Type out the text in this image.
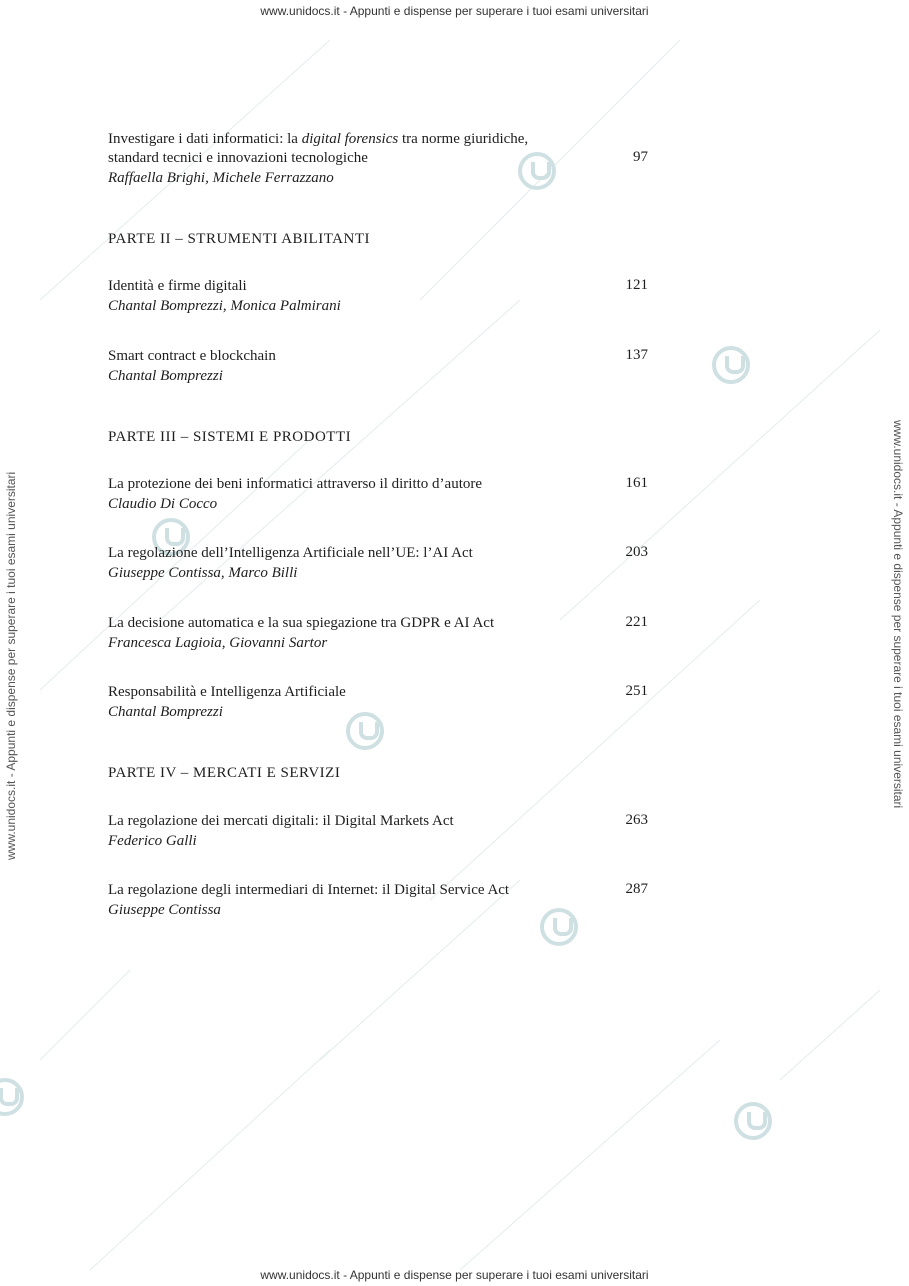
www.unidocs.it - Appunti e dispense per superare i tuoi esami universitari
www.unidocs.it - Appunti e dispense per superare i tuoi esami universitari
www.unidocs.it - Appunti e dispense per superare i tuoi esami universitari	www.unidocs.it - Appunti e dispense per superare i tuoi esami universitari
Investigare i dati informatici: la digital forensics tra norme giuridiche, standard tecnici e innovazioni tecnologiche
Raffaella Brighi, Michele Ferrazzano
97
PARTE II – STRUMENTI ABILITANTI
Identità e firme digitali
Chantal Bomprezzi, Monica Palmirani
121
Smart contract e blockchain
Chantal Bomprezzi
137
PARTE III – SISTEMI E PRODOTTI
La protezione dei beni informatici attraverso il diritto d’autore
Claudio Di Cocco
161
La regolazione dell’Intelligenza Artificiale nell’UE: l’AI Act
Giuseppe Contissa, Marco Billi
203
La decisione automatica e la sua spiegazione tra GDPR e AI Act
Francesca Lagioia, Giovanni Sartor
221
Responsabilità e Intelligenza Artificiale
Chantal Bomprezzi
251
PARTE IV – MERCATI E SERVIZI
La regolazione dei mercati digitali: il Digital Markets Act
Federico Galli
263
La regolazione degli intermediari di Internet: il Digital Service Act
Giuseppe Contissa
287
